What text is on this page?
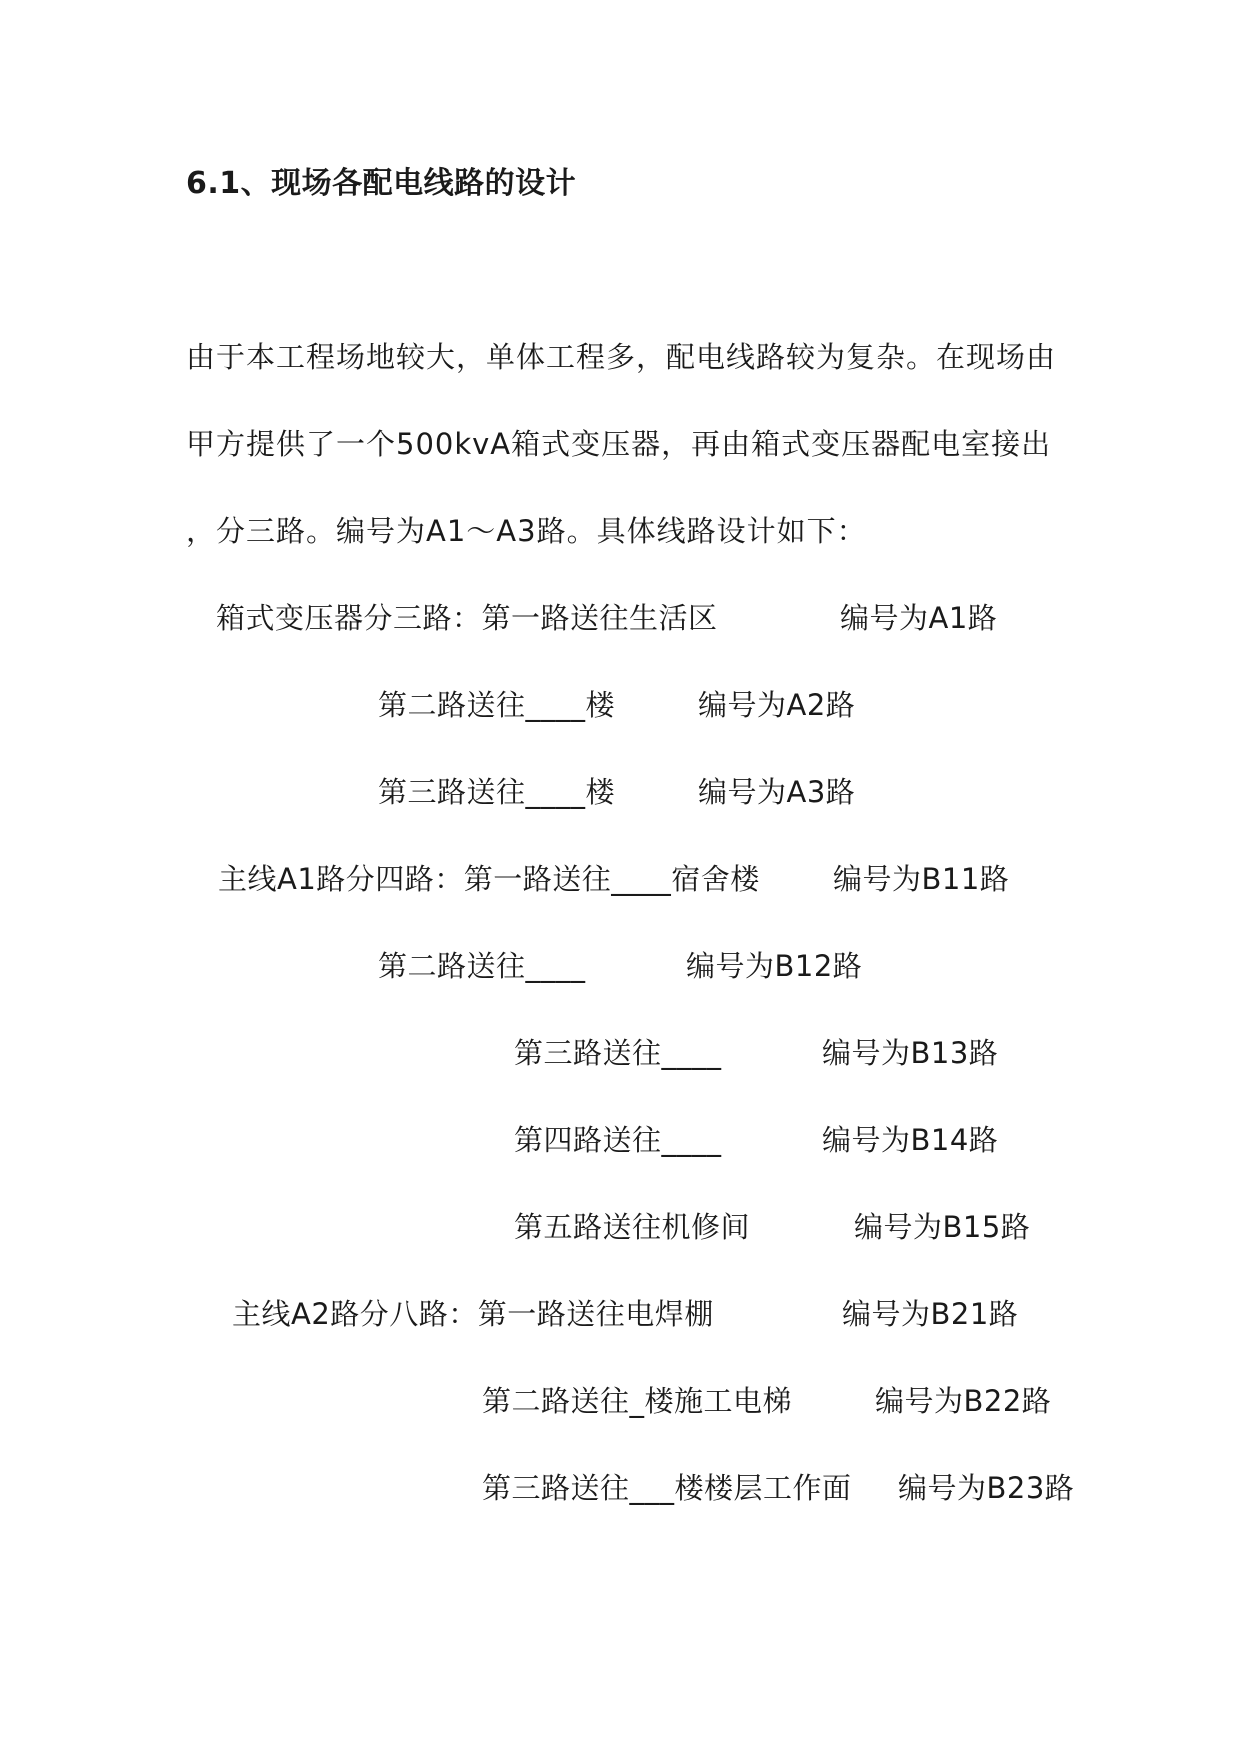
6.1、现场各配电线路的设计
由于本工程场地较大，单体工程多，配电线路较为复杂。在现场由
甲方提供了一个500kvA箱式变压器，再由箱式变压器配电室接出
，分三路。编号为A1～A3路。具体线路设计如下：
箱式变压器分三路：第一路送往生活区	编号为A1路
第二路送往____楼	编号为A2路
第三路送往____楼	编号为A3路
主线A1路分四路：第一路送往____宿舍楼	编号为B11路
第二路送往____	编号为B12路
第三路送往____	编号为B13路
第四路送往____	编号为B14路
第五路送往机修间	编号为B15路
主线A2路分八路：第一路送往电焊棚	编号为B21路
第二路送往_楼施工电梯	编号为B22路
第三路送往___楼楼层工作面 编号为B23路
